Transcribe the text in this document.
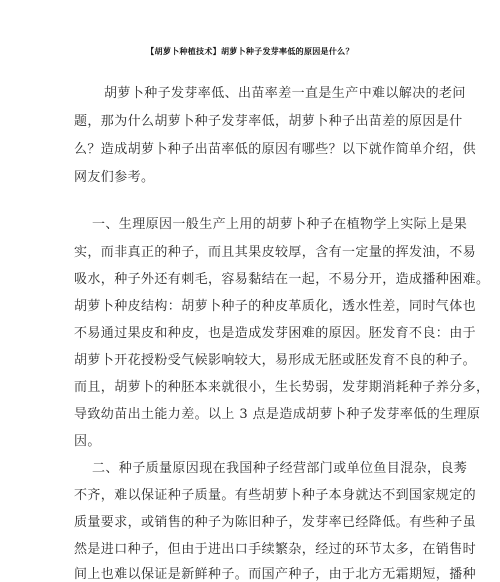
【胡萝卜种植技术】胡萝卜种子发芽率低的原因是什么？
胡萝卜种子发芽率低、出苗率差一直是生产中难以解决的老问
题，那为什么胡萝卜种子发芽率低，胡萝卜种子出苗差的原因是什
么？造成胡萝卜种子出苗率低的原因有哪些？以下就作简单介绍，供
网友们参考。
一、生理原因一般生产上用的胡萝卜种子在植物学上实际上是果
实，而非真正的种子，而且其果皮较厚，含有一定量的挥发油，不易
吸水，种子外还有刺毛，容易黏结在一起，不易分开，造成播种困难。
胡萝卜种皮结构：胡萝卜种子的种皮革质化，透水性差，同时气体也
不易通过果皮和种皮，也是造成发芽困难的原因。胚发育不良：由于
胡萝卜开花授粉受气候影响较大，易形成无胚或胚发育不良的种子。
而且，胡萝卜的种胚本来就很小，生长势弱，发芽期消耗种子养分多，
导致幼苗出土能力差。以上 3 点是造成胡萝卜种子发芽率低的生理原
因。
二、种子质量原因现在我国种子经营部门或单位鱼目混杂，良莠
不齐，难以保证种子质量。有些胡萝卜种子本身就达不到国家规定的
质量要求，或销售的种子为陈旧种子，发芽率已经降低。有些种子虽
然是进口种子，但由于进出口手续繁杂，经过的环节太多，在销售时
间上也难以保证是新鲜种子。而国产种子，由于北方无霜期短，播种
